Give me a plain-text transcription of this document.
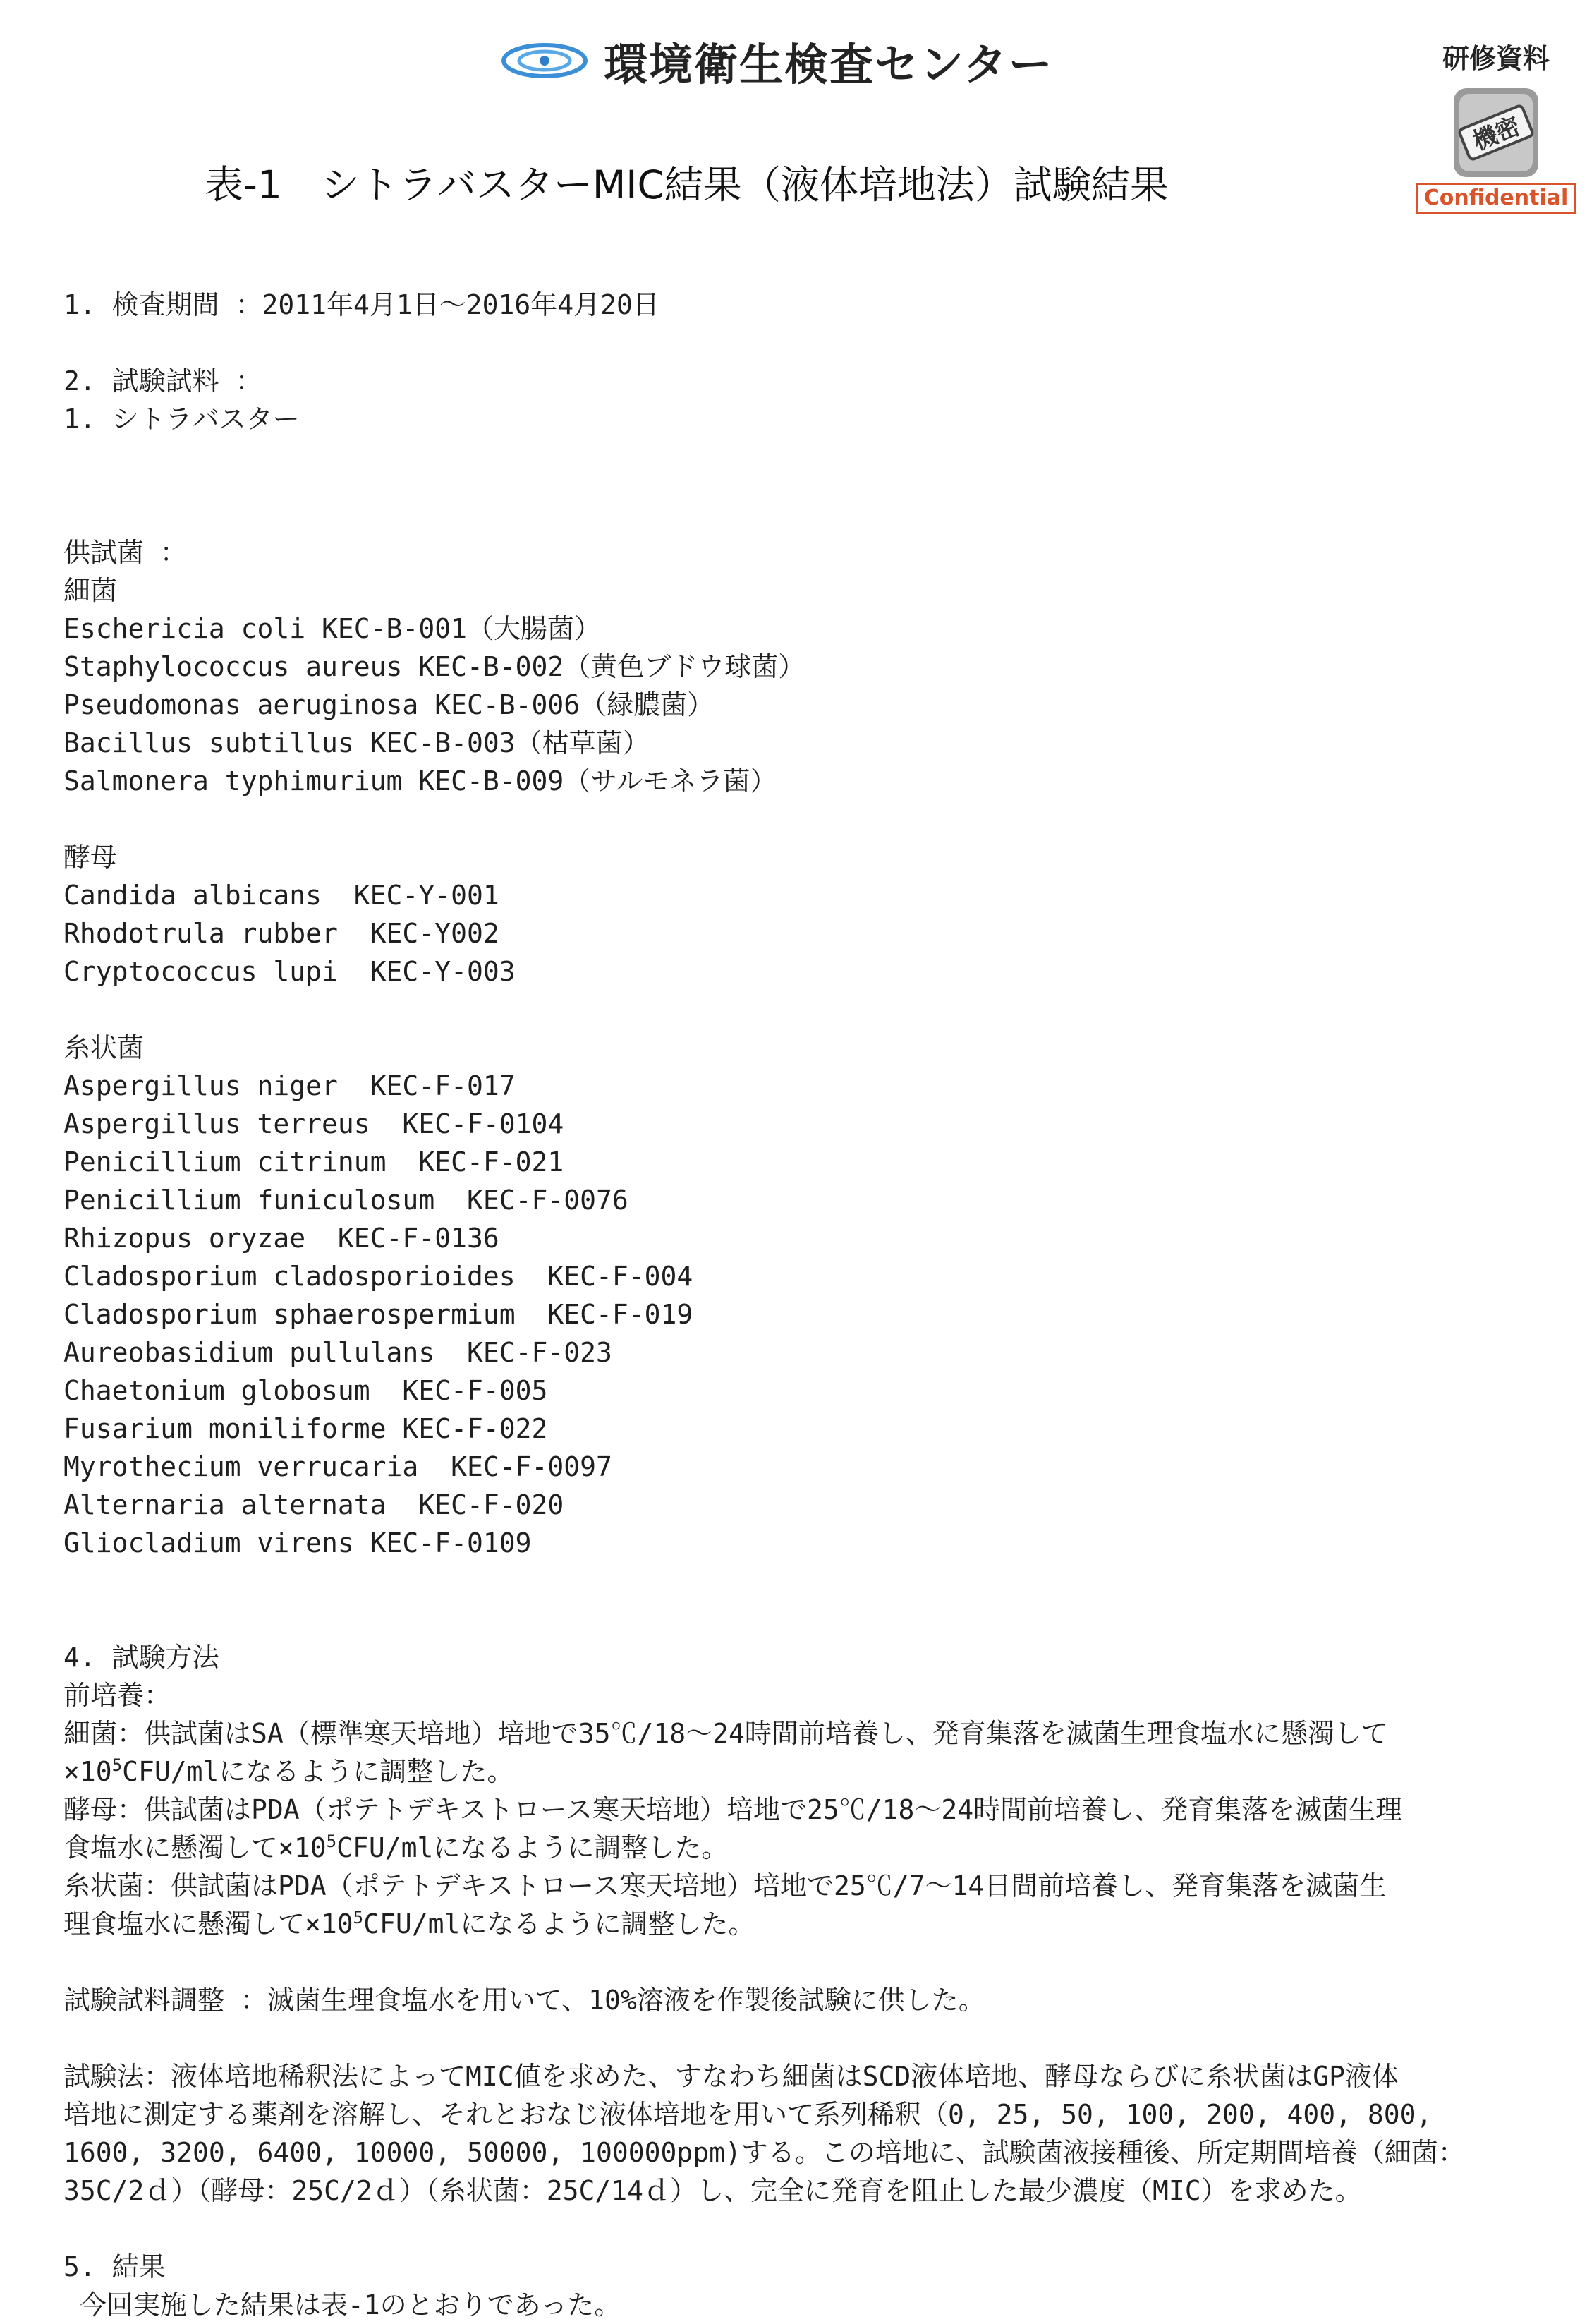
環境衛生検査センター	研修資料
機密
Confidential
表-1　シトラバスターMIC結果（液体培地法）試験結果
1. 検査期間 ：2011年4月1日～2016年4月20日
2. 試験試料 ：
1. シトラバスター
供試菌 ：
細菌
Eschericia coli KEC-B-001（大腸菌）
Staphylococcus aureus KEC-B-002（黄色ブドウ球菌）
Pseudomonas aeruginosa KEC-B-006（緑膿菌）
Bacillus subtillus KEC-B-003（枯草菌）
Salmonera typhimurium KEC-B-009（サルモネラ菌）
酵母
Candida albicans  KEC-Y-001
Rhodotrula rubber  KEC-Y002
Cryptococcus lupi  KEC-Y-003
糸状菌
Aspergillus niger  KEC-F-017
Aspergillus terreus  KEC-F-0104
Penicillium citrinum  KEC-F-021
Penicillium funiculosum  KEC-F-0076
Rhizopus oryzae  KEC-F-0136
Cladosporium cladosporioides  KEC-F-004
Cladosporium sphaerospermium  KEC-F-019
Aureobasidium pullulans  KEC-F-023
Chaetonium globosum  KEC-F-005
Fusarium moniliforme KEC-F-022
Myrothecium verrucaria  KEC-F-0097
Alternaria alternata  KEC-F-020
Gliocladium virens KEC-F-0109
4. 試験方法
前培養：
細菌：供試菌はSA（標準寒天培地）培地で35℃/18～24時間前培養し、発育集落を滅菌生理食塩水に懸濁して
$\times 10^5CFU/ml$になるように調整した。
酵母：供試菌はPDA（ポテトデキストロース寒天培地）培地で25℃/18～24時間前培養し、発育集落を滅菌生理
食塩水に懸濁して$\times 10^5CFU/ml$になるように調整した。
糸状菌：供試菌はPDA（ポテトデキストロース寒天培地）培地で25℃/7～14日間前培養し、発育集落を滅菌生
理食塩水に懸濁して$\times 10^5CFU/ml$になるように調整した。
試験試料調整 ：滅菌生理食塩水を用いて、10%溶液を作製後試験に供した。
試験法：液体培地稀釈法によってMIC値を求めた、すなわち細菌はSCD液体培地、酵母ならびに糸状菌はGP液体
培地に測定する薬剤を溶解し、それとおなじ液体培地を用いて系列稀釈（0, 25, 50, 100, 200, 400, 800,
1600, 3200, 6400, 10000, 50000, 100000ppm)する。この培地に、試験菌液接種後、所定期間培養（細菌：
35C/2ｄ）（酵母：25C/2ｄ）（糸状菌：25C/14ｄ）し、完全に発育を阻止した最少濃度（MIC）を求めた。
5. 結果
今回実施した結果は表-1のとおりであった。
